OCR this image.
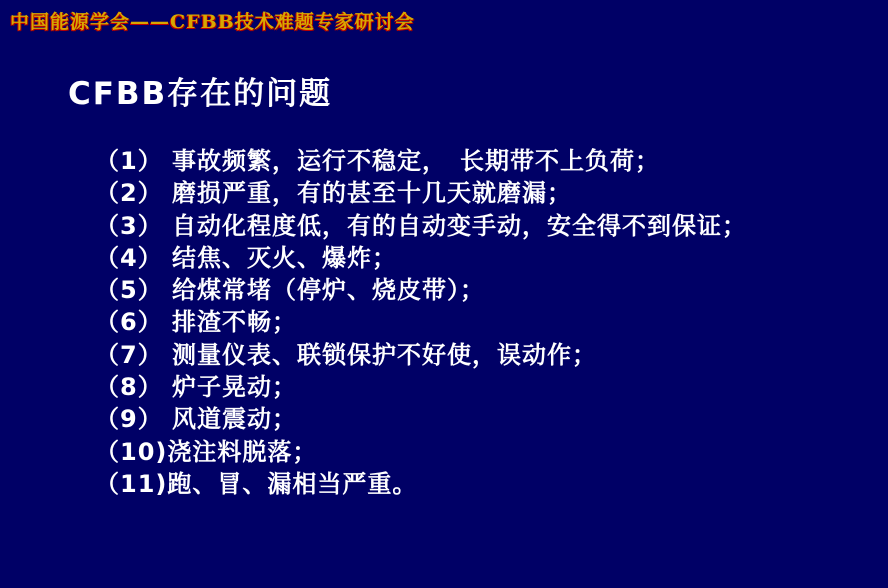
中国能源学会——CFBB技术难题专家研讨会
CFBB存在的问题
（1） 事故频繁，运行不稳定，　长期带不上负荷；
（2） 磨损严重，有的甚至十几天就磨漏；
（3） 自动化程度低，有的自动变手动，安全得不到保证；
（4） 结焦、灭火、爆炸；
（5） 给煤常堵（停炉、烧皮带）；
（6） 排渣不畅；
（7） 测量仪表、联锁保护不好使，误动作；
（8） 炉子晃动；
（9） 风道震动；
（10)浇注料脱落；
（11)跑、冒、漏相当严重。
